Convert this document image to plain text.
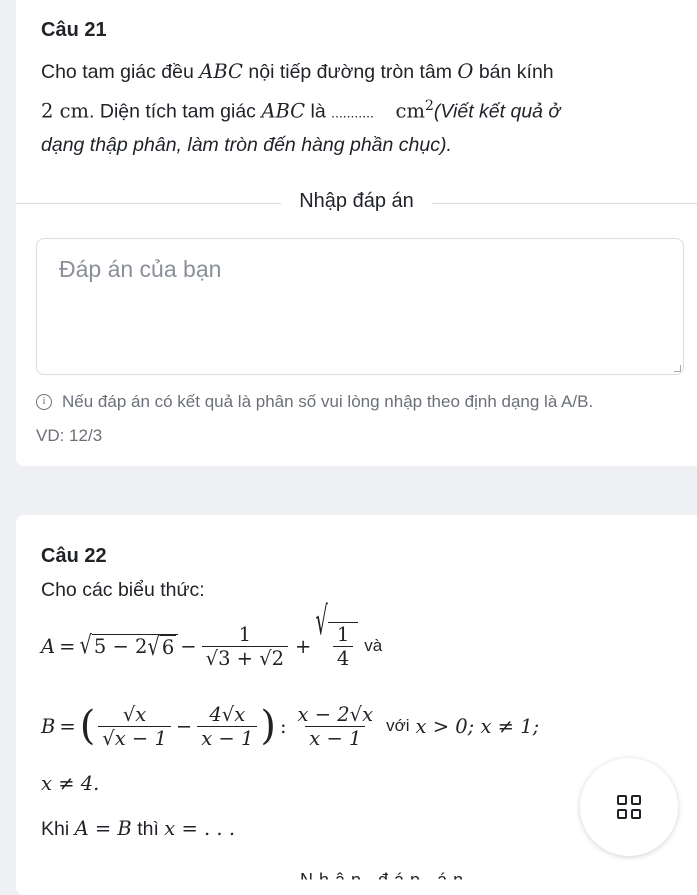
Câu 21
Cho tam giác đều ABC nội tiếp đường tròn tâm O bán kính
2 cm. Diện tích tam giác ABC là ........... $cm^2(Viết$ kết quả ở
dạng thập phân, làm tròn đến hàng phần chục).
Nhập đáp án
Đáp án của bạn
i Nếu đáp án có kết quả là phân số vui lòng nhập theo định dạng là A/B.
VD: 12/3
Câu 22
Cho các biểu thức:
A = √ 5 − 2 √ $6 - \frac{1}{√3 + √2}$ +
√
$\frac{1}{4}$ và
B = ( $\frac{√x}{√x - 1} - \frac{4√x}{x - 1}$ ) : $\frac{x - 2√x}{x - 1}$ với x > 0; x ≠ 1;
x ≠ 4.
Khi A = B thì x = . . .
